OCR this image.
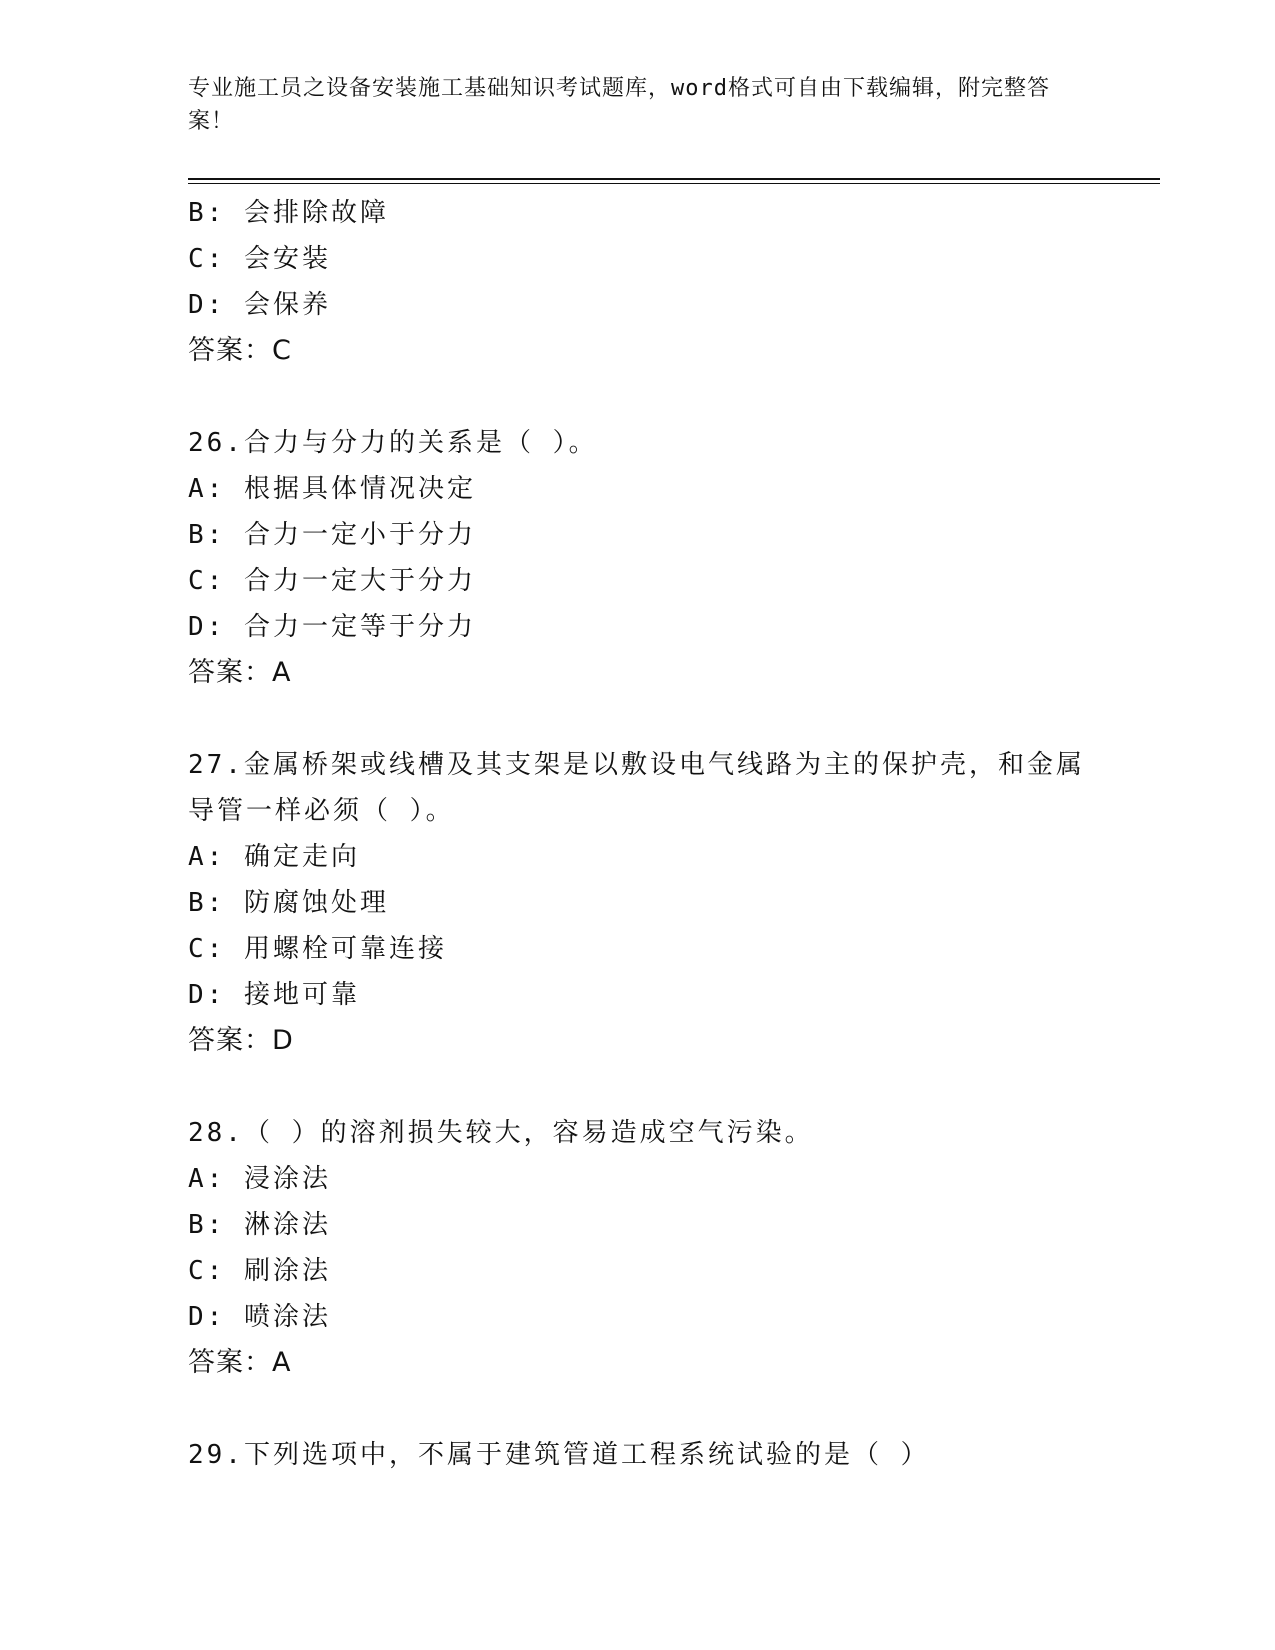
专业施工员之设备安装施工基础知识考试题库，word格式可自由下载编辑，附完整答案！
B: 会排除故障
C: 会安装
D: 会保养
答案：C
26.合力与分力的关系是（ ）。
A: 根据具体情况决定
B: 合力一定小于分力
C: 合力一定大于分力
D: 合力一定等于分力
答案：A
27.金属桥架或线槽及其支架是以敷设电气线路为主的保护壳，和金属
导管一样必须（ ）。
A: 确定走向
B: 防腐蚀处理
C: 用螺栓可靠连接
D: 接地可靠
答案：D
28.（ ）的溶剂损失较大，容易造成空气污染。
A: 浸涂法
B: 淋涂法
C: 刷涂法
D: 喷涂法
答案：A
29.下列选项中，不属于建筑管道工程系统试验的是（ ）
